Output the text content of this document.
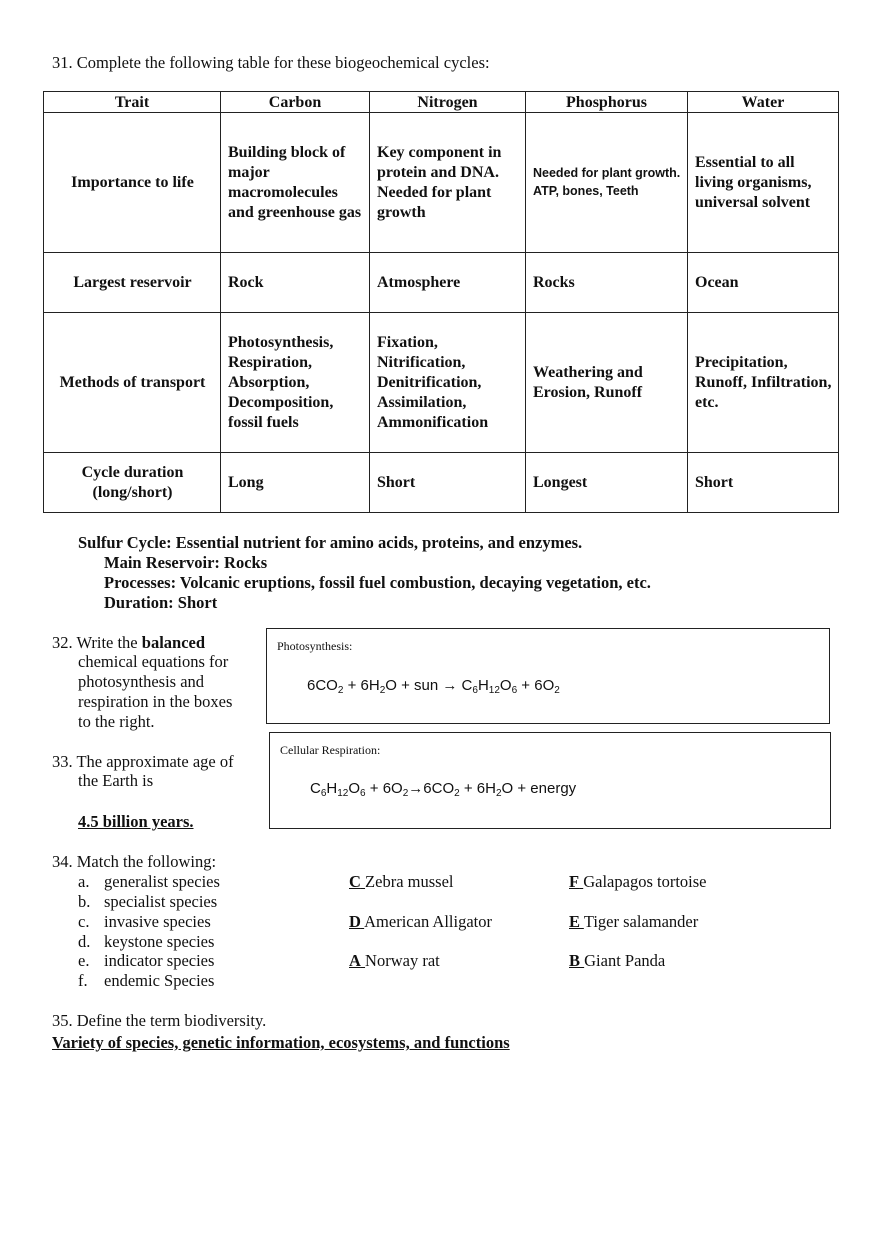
31. Complete the following table for these biogeochemical cycles:
Trait	Carbon	Nitrogen	Phosphorus	Water
Importance to life	Building block of major macromolecules and greenhouse gas	Key component in protein and DNA. Needed for plant growth	Needed for plant growth. ATP, bones, Teeth	Essential to all living organisms, universal solvent
Largest reservoir	Rock	Atmosphere	Rocks	Ocean
Methods of transport	Photosynthesis, Respiration, Absorption, Decomposition, fossil fuels	Fixation, Nitrification, Denitrification, Assimilation, Ammonification	Weathering and Erosion, Runoff	Precipitation, Runoff, Infiltration, etc.
Cycle duration (long/short)	Long	Short	Longest	Short
Sulfur Cycle: Essential nutrient for amino acids, proteins, and enzymes.
Main Reservoir: Rocks
Processes: Volcanic eruptions, fossil fuel combustion, decaying vegetation, etc.
Duration: Short
32. Write the balanced
chemical equations for
photosynthesis and
respiration in the boxes
to the right.
Photosynthesis:
$6CO_2 + 6H_2O$ + sun → $C_6H_{12}O_6 + 6O_2$
Cellular Respiration:
$C_6H_{12}O_6 + 6O_2\to 6CO_2 + 6H_2O$ + energy
33. The approximate age of
the Earth is
4.5 billion years.
34. Match the following:
a. generalist species
b. specialist species
c. invasive species
d. keystone species
e. indicator species
f. endemic Species
C Zebra mussel	F Galapagos tortoise
D American Alligator	E Tiger salamander
A Norway rat	B Giant Panda
35. Define the term biodiversity.
Variety of species, genetic information, ecosystems, and functions
